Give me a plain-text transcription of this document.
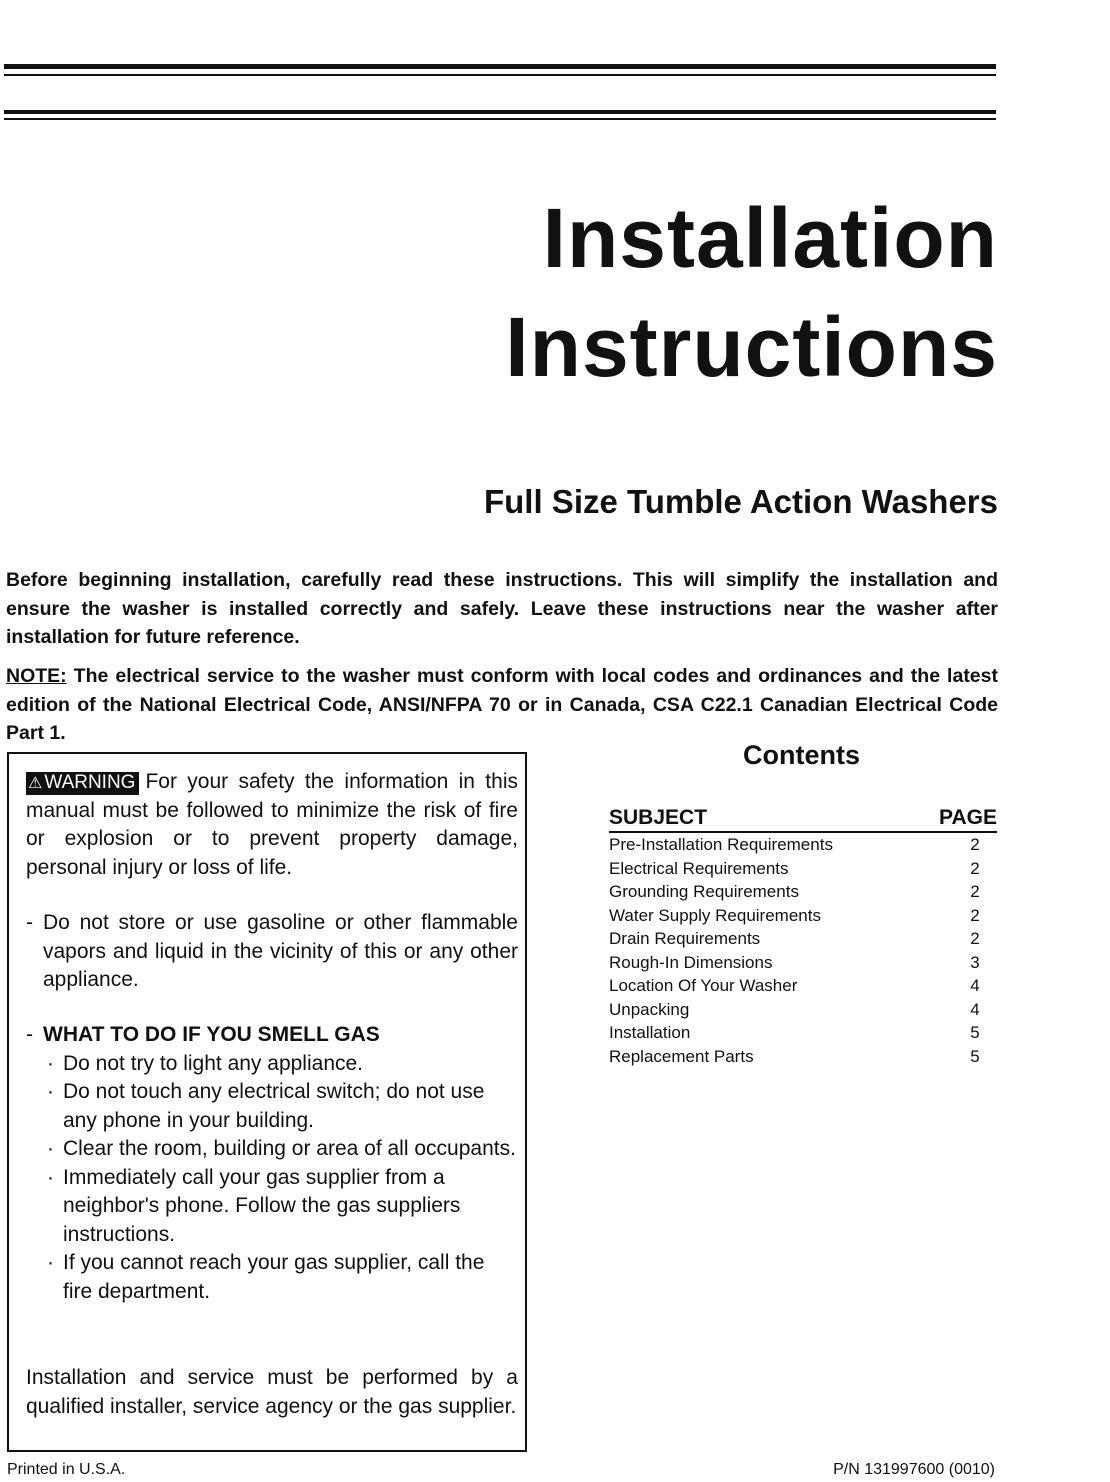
Installation
Instructions
Full Size Tumble Action Washers

Before beginning installation, carefully read these instructions. This will simplify the installation and ensure the washer is installed correctly and safely. Leave these instructions near the washer after installation for future reference.

NOTE: The electrical service to the washer must conform with local codes and ordinances and the latest edition of the National Electrical Code, ANSI/NFPA 70 or in Canada, CSA C22.1 Canadian Electrical Code Part 1.

⚠ WARNING For your safety the information in this manual must be followed to minimize the risk of fire or explosion or to prevent property damage, personal injury or loss of life.

- Do not store or use gasoline or other flammable vapors and liquid in the vicinity of this or any other appliance.

- WHAT TO DO IF YOU SMELL GAS

· Do not try to light any appliance.
· Do not touch any electrical switch; do not use any phone in your building.
· Clear the room, building or area of all occupants.
· Immediately call your gas supplier from a neighbor's phone. Follow the gas suppliers instructions.
· If you cannot reach your gas supplier, call the fire department.

Installation and service must be performed by a qualified installer, service agency or the gas supplier.

Contents
SUBJECT	PAGE
Pre-Installation Requirements	2
Electrical Requirements	2
Grounding Requirements	2
Water Supply Requirements	2
Drain Requirements	2
Rough-In Dimensions	3
Location Of Your Washer	4
Unpacking	4
Installation	5
Replacement Parts	5
Printed in U.S.A.	P/N 131997600 (0010)
